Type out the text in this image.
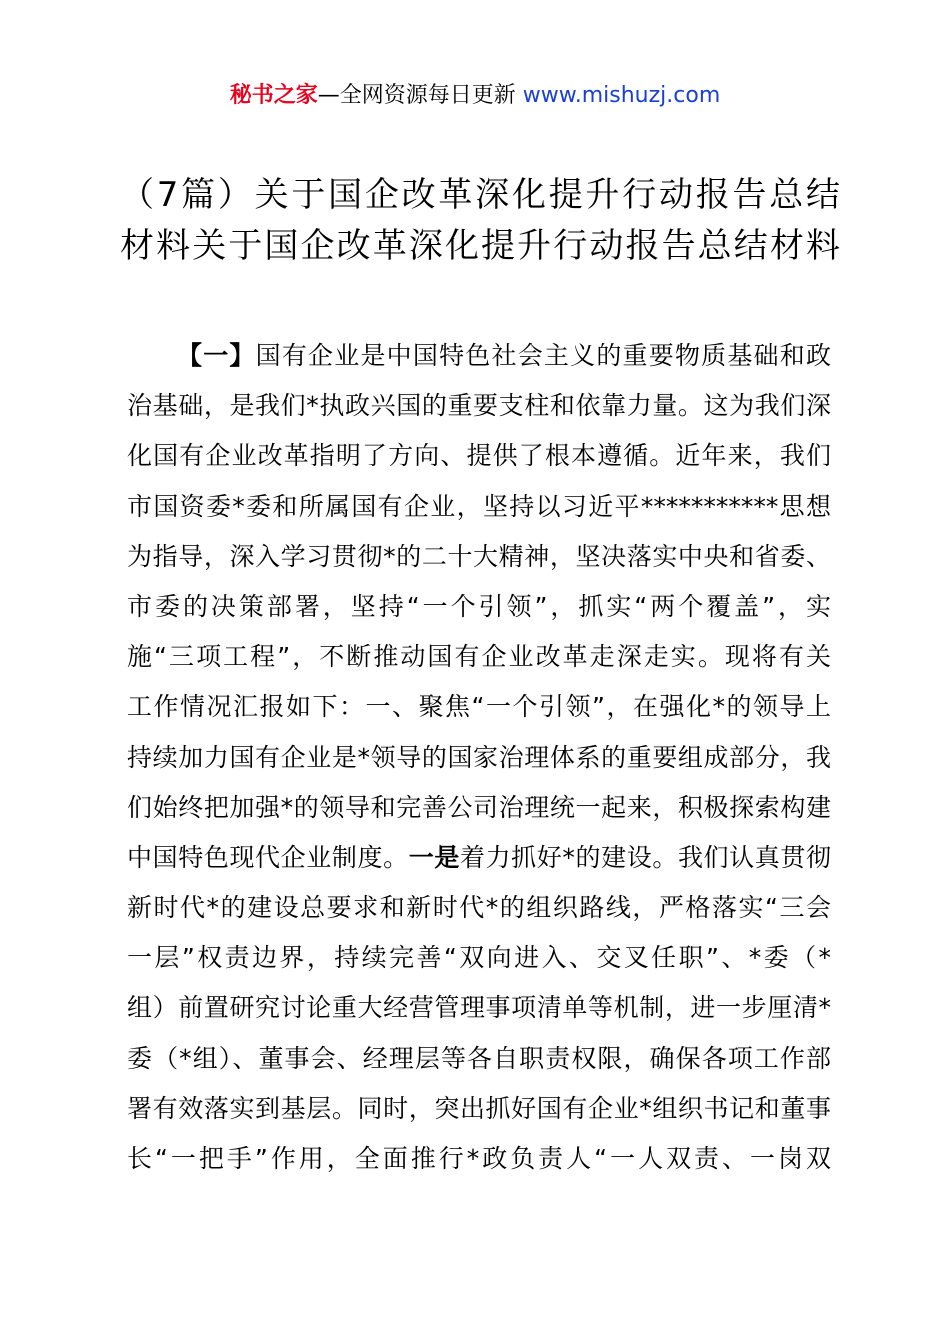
秘书之家—全网资源每日更新 www.mishuzj.com
（7篇）关于国企改革深化提升行动报告总结
材料关于国企改革深化提升行动报告总结材料
【一】国有企业是中国特色社会主义的重要物质基础和政
治基础，是我们*执政兴国的重要支柱和依靠力量。这为我们深
化国有企业改革指明了方向、提供了根本遵循。近年来，我们
市国资委*委和所属国有企业，坚持以习近平***********思想
为指导，深入学习贯彻*的二十大精神，坚决落实中央和省委、
市委的决策部署，坚持“一个引领”，抓实“两个覆盖”，实
施“三项工程”，不断推动国有企业改革走深走实。现将有关
工作情况汇报如下：一、聚焦“一个引领”，在强化*的领导上
持续加力国有企业是*领导的国家治理体系的重要组成部分，我
们始终把加强*的领导和完善公司治理统一起来，积极探索构建
中国特色现代企业制度。一是着力抓好*的建设。我们认真贯彻
新时代*的建设总要求和新时代*的组织路线，严格落实“三会
一层”权责边界，持续完善“双向进入、交叉任职”、*委（*
组）前置研究讨论重大经营管理事项清单等机制，进一步厘清*
委（*组）、董事会、经理层等各自职责权限，确保各项工作部
署有效落实到基层。同时，突出抓好国有企业*组织书记和董事
长“一把手”作用，全面推行*政负责人“一人双责、一岗双
